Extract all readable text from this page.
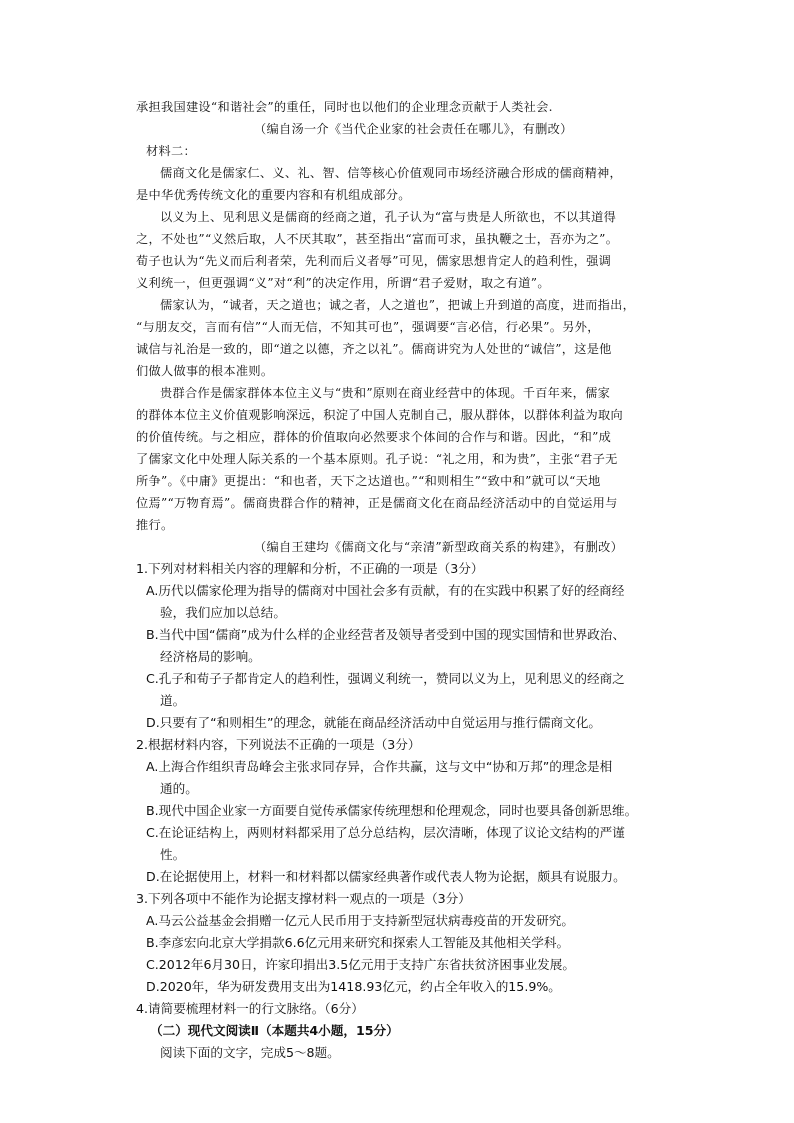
承担我国建设“和谐社会”的重任，同时也以他们的企业理念贡献于人类社会.
（编自汤一介《当代企业家的社会责任在哪儿》，有删改）
材料二：
儒商文化是儒家仁、义、礼、智、信等核心价值观同市场经济融合形成的儒商精神，
是中华优秀传统文化的重要内容和有机组成部分。
以义为上、见利思义是儒商的经商之道，孔子认为“富与贵是人所欲也，不以其道得
之，不处也”“义然后取，人不厌其取”，甚至指出“富而可求，虽执鞭之士，吾亦为之”。
荀子也认为“先义而后利者荣，先利而后义者辱”可见，儒家思想肯定人的趋利性，强调
义利统一，但更强调“义”对“利”的决定作用，所谓“君子爱财，取之有道”。
儒家认为，“诚者，天之道也；诚之者，人之道也”，把诚上升到道的高度，进而指出，
“与朋友交，言而有信”“人而无信，不知其可也”，强调要“言必信，行必果”。另外，
诚信与礼治是一致的，即“道之以德，齐之以礼”。儒商讲究为人处世的“诚信”，这是他
们做人做事的根本准则。
贵群合作是儒家群体本位主义与“贵和”原则在商业经营中的体现。千百年来，儒家
的群体本位主义价值观影响深远，积淀了中国人克制自己，服从群体，以群体利益为取向
的价值传统。与之相应，群体的价值取向必然要求个体间的合作与和谐。因此，“和”成
了儒家文化中处理人际关系的一个基本原则。孔子说：“礼之用，和为贵”，主张“君子无
所争”。《中庸》更提出：“和也者，天下之达道也。”“和则相生”“致中和”就可以“天地
位焉”“万物育焉”。儒商贵群合作的精神，正是儒商文化在商品经济活动中的自觉运用与
推行。
（编自王建均《儒商文化与“亲清”新型政商关系的构建》，有删改）
1.下列对材料相关内容的理解和分析，不正确的一项是（3分）
A.历代以儒家伦理为指导的儒商对中国社会多有贡献，有的在实践中积累了好的经商经
验，我们应加以总结。
B.当代中国“儒商”成为什么样的企业经营者及领导者受到中国的现实国情和世界政治、
经济格局的影响。
C.孔子和荀子子都肯定人的趋利性，强调义利统一，赞同以义为上，见利思义的经商之
道。
D.只要有了“和则相生”的理念，就能在商品经济活动中自觉运用与推行儒商文化。
2.根据材料内容，下列说法不正确的一项是（3分）
A.上海合作组织青岛峰会主张求同存异，合作共赢，这与文中“协和万邦”的理念是相
通的。
B.现代中国企业家一方面要自觉传承儒家传统理想和伦理观念，同时也要具备创新思维。
C.在论证结构上，两则材料都采用了总分总结构，层次清晰，体现了议论文结构的严谨
性。
D.在论据使用上，材料一和材料都以儒家经典著作或代表人物为论据，颇具有说服力。
3.下列各项中不能作为论据支撑材料一观点的一项是（3分）
A.马云公益基金会捐赠一亿元人民币用于支持新型冠状病毒疫苗的开发研究。
B.李彦宏向北京大学捐款6.6亿元用来研究和探索人工智能及其他相关学科。
C.2012年6月30日，许家印捐出3.5亿元用于支持广东省扶贫济困事业发展。
D.2020年，华为研发费用支出为1418.93亿元，约占全年收入的15.9%。
4.请简要梳理材料一的行文脉络。（6分）
（二）现代文阅读Ⅱ（本题共4小题，15分）
阅读下面的文字，完成5～8题。
